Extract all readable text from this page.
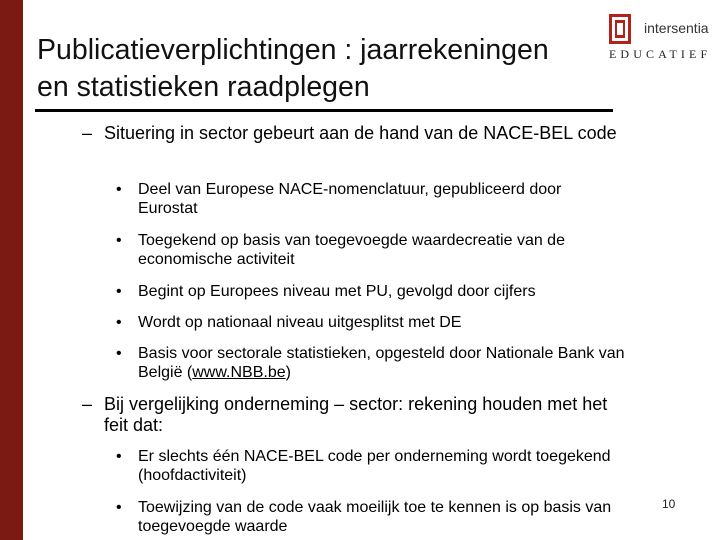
Publicatieverplichtingen : jaarrekeningen
en statistieken raadplegen
intersentia
EDUCATIEF
– Situering in sector gebeurt aan de hand van de NACE-BEL code
• Deel van Europese NACE-nomenclatuur, gepubliceerd door
Eurostat
• Toegekend op basis van toegevoegde waardecreatie van de
economische activiteit
• Begint op Europees niveau met PU, gevolgd door cijfers
• Wordt op nationaal niveau uitgesplitst met DE
• Basis voor sectorale statistieken, opgesteld door Nationale Bank van
België (www.NBB.be)
– Bij vergelijking onderneming – sector: rekening houden met het
feit dat:
• Er slechts één NACE-BEL code per onderneming wordt toegekend
(hoofdactiviteit)
• Toewijzing van de code vaak moeilijk toe te kennen is op basis van
toegevoegde waarde
10
